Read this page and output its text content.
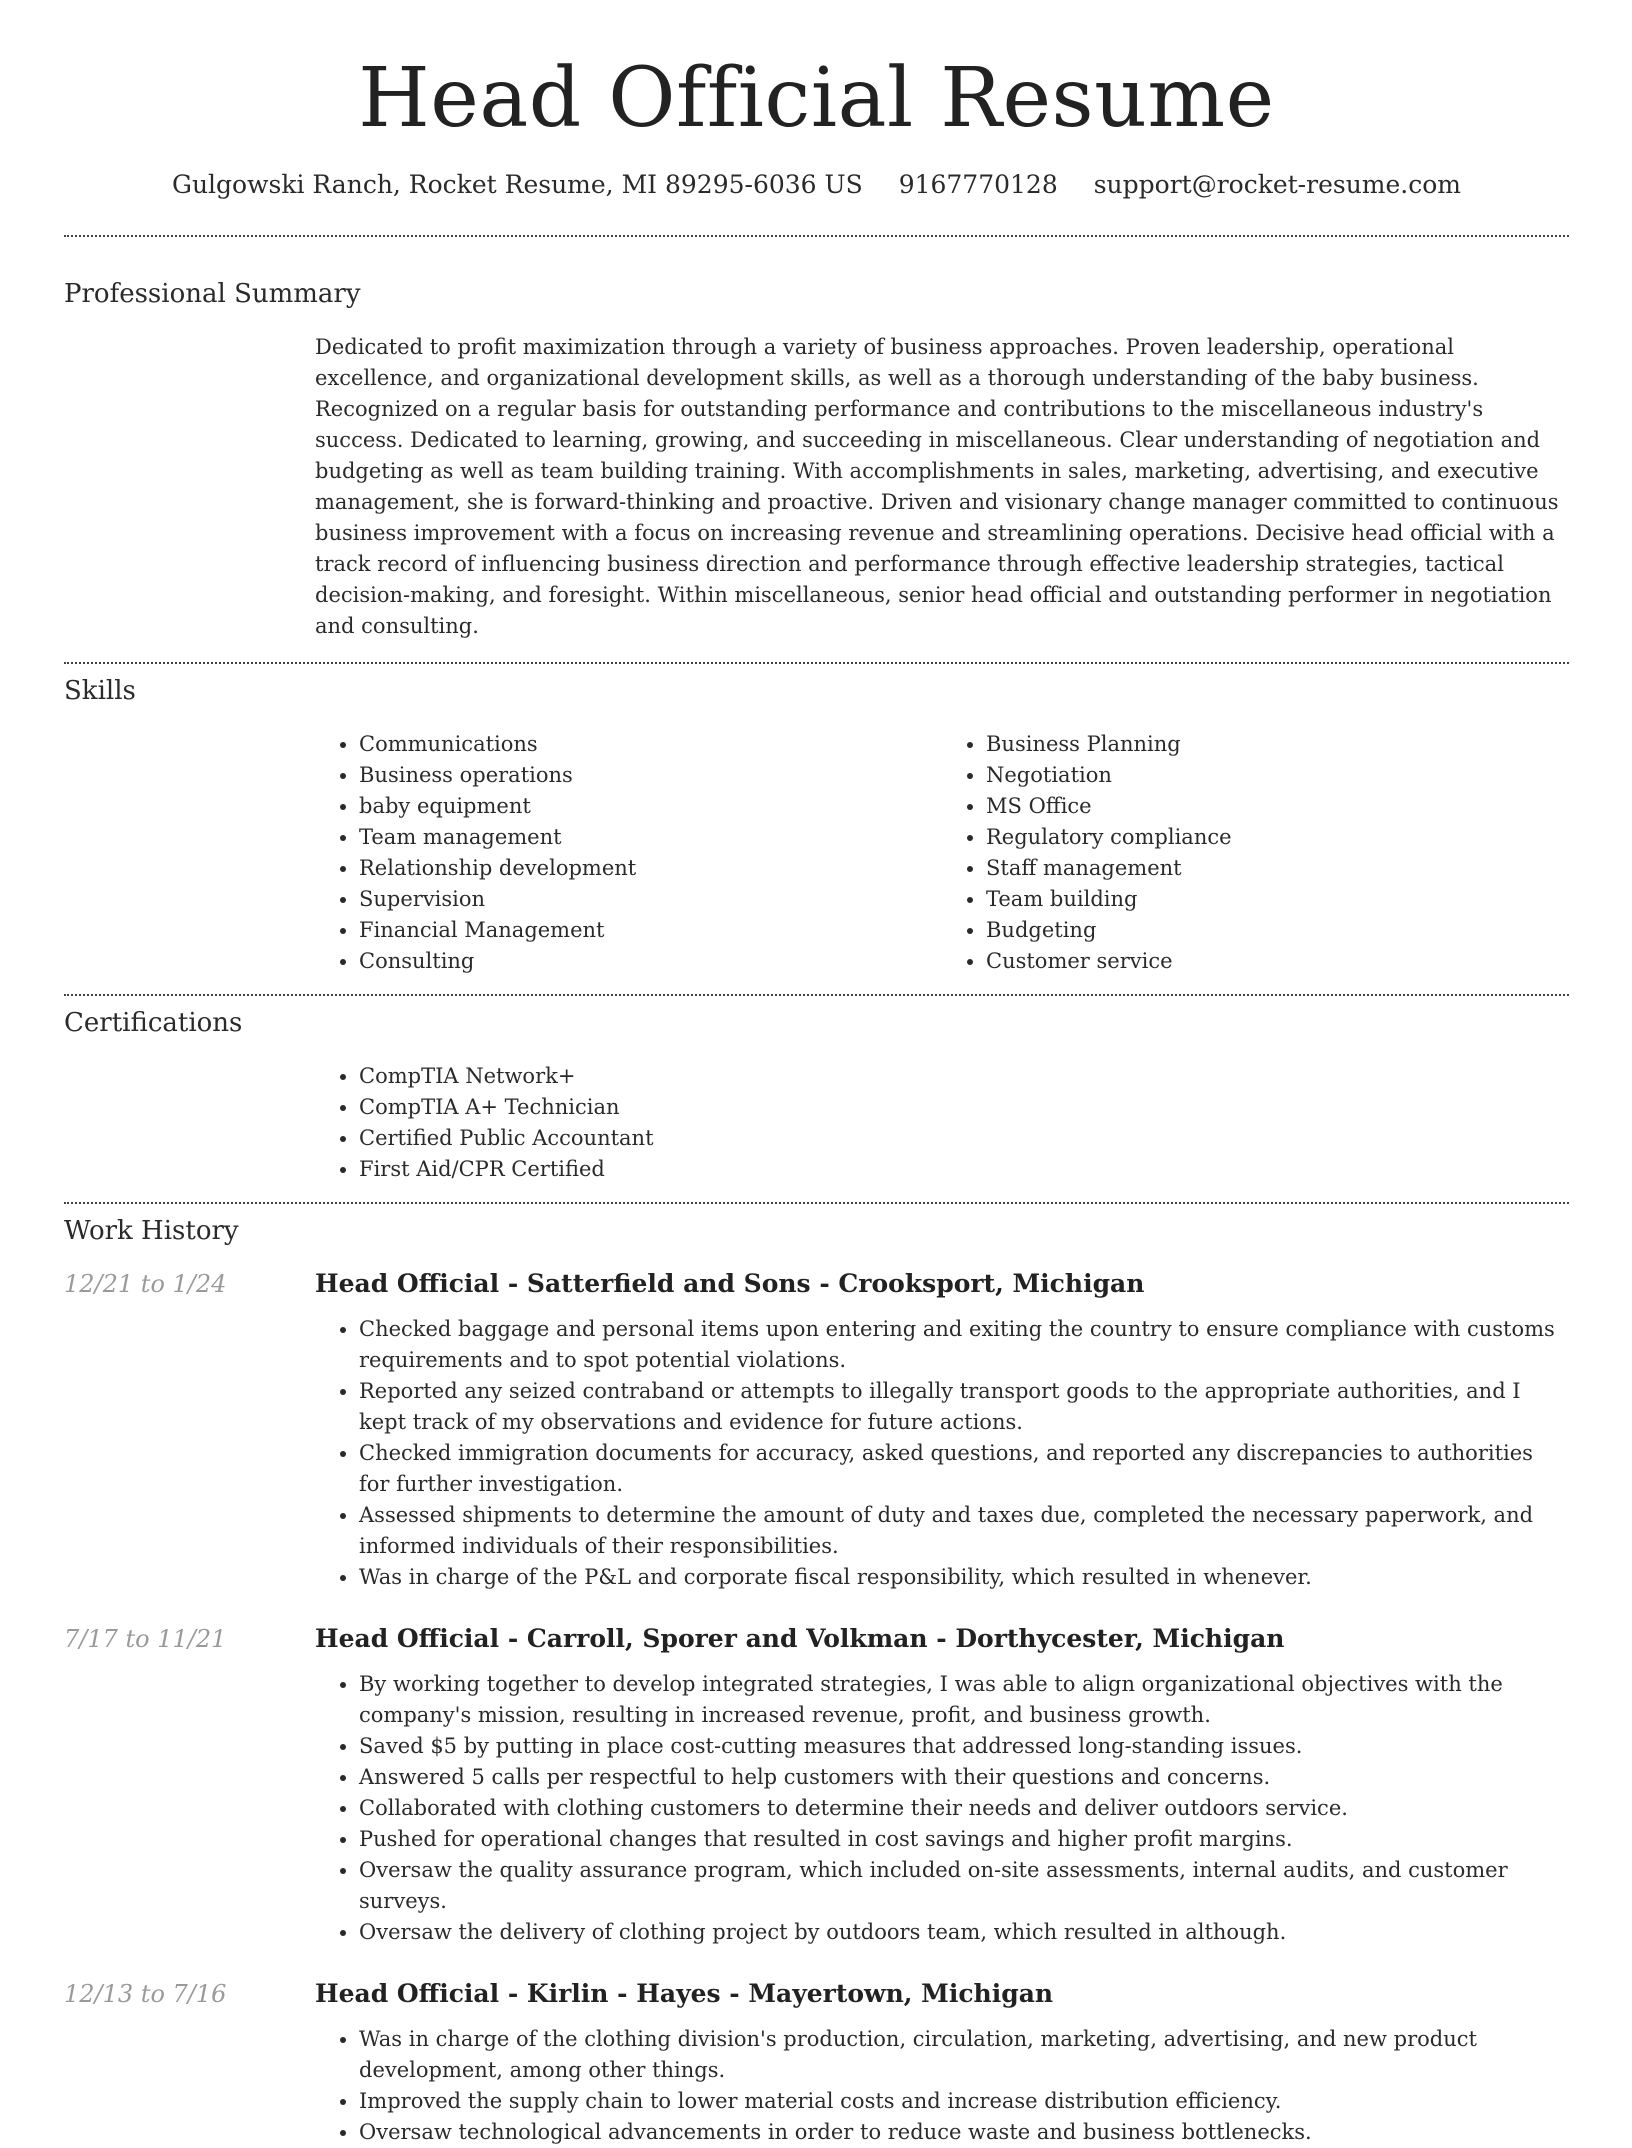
Head Official Resume
Gulgowski Ranch, Rocket Resume, MI 89295-6036 US 9167770128 support@rocket-resume.com
Professional Summary

Dedicated to profit maximization through a variety of business approaches. Proven leadership, operational excellence, and organizational development skills, as well as a thorough understanding of the baby business. Recognized on a regular basis for outstanding performance and contributions to the miscellaneous industry's success. Dedicated to learning, growing, and succeeding in miscellaneous. Clear understanding of negotiation and budgeting as well as team building training. With accomplishments in sales, marketing, advertising, and executive management, she is forward-thinking and proactive. Driven and visionary change manager committed to continuous business improvement with a focus on increasing revenue and streamlining operations. Decisive head official with a track record of influencing business direction and performance through effective leadership strategies, tactical decision-making, and foresight. Within miscellaneous, senior head official and outstanding performer in negotiation and consulting.

Skills
• Communications
• Business operations
• baby equipment
• Team management
• Relationship development
• Supervision
• Financial Management
• Consulting
• Business Planning
• Negotiation
• MS Office
• Regulatory compliance
• Staff management
• Team building
• Budgeting
• Customer service
Certifications
• CompTIA Network+
• CompTIA A+ Technician
• Certified Public Accountant
• First Aid/CPR Certified
Work History
12/21 to 1/24	Head Official - Satterfield and Sons - Crooksport, Michigan
• Checked baggage and personal items upon entering and exiting the country to ensure compliance with customs requirements and to spot potential violations.
• Reported any seized contraband or attempts to illegally transport goods to the appropriate authorities, and I kept track of my observations and evidence for future actions.
• Checked immigration documents for accuracy, asked questions, and reported any discrepancies to authorities for further investigation.
• Assessed shipments to determine the amount of duty and taxes due, completed the necessary paperwork, and informed individuals of their responsibilities.
• Was in charge of the P&L and corporate fiscal responsibility, which resulted in whenever.
7/17 to 11/21	Head Official - Carroll, Sporer and Volkman - Dorthycester, Michigan
• By working together to develop integrated strategies, I was able to align organizational objectives with the company's mission, resulting in increased revenue, profit, and business growth.
• Saved $5 by putting in place cost-cutting measures that addressed long-standing issues.
• Answered 5 calls per respectful to help customers with their questions and concerns.
• Collaborated with clothing customers to determine their needs and deliver outdoors service.
• Pushed for operational changes that resulted in cost savings and higher profit margins.
• Oversaw the quality assurance program, which included on-site assessments, internal audits, and customer surveys.
• Oversaw the delivery of clothing project by outdoors team, which resulted in although.
12/13 to 7/16	Head Official - Kirlin - Hayes - Mayertown, Michigan
• Was in charge of the clothing division's production, circulation, marketing, advertising, and new product development, among other things.
• Improved the supply chain to lower material costs and increase distribution efficiency.
• Oversaw technological advancements in order to reduce waste and business bottlenecks.
